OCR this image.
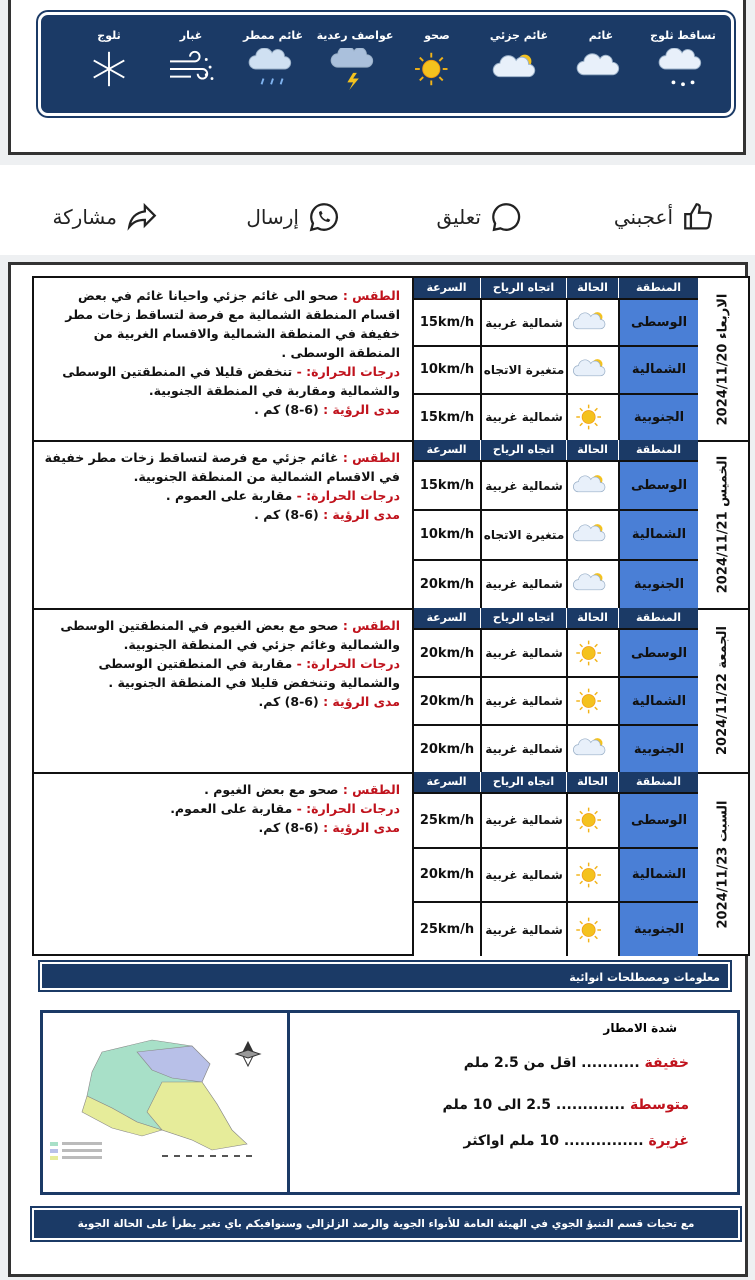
تساقط ثلوج
غائم
غائم جزئي
صحو
عواصف رعدية
غائم ممطر
غبار
ثلوج
أعجبني
تعليق
إرسال
مشاركة
الاربعاء 2024/11/20
المنطقة
الحالة
اتجاه الرياح
السرعة
الوسطى
شمالية غربية
15km/h
الشمالية
متغيرة الاتجاه
10km/h
الجنوبية
شمالية غربية
15km/h
الطقس : صحو الى غائم جزئي واحيانا غائم في بعض اقسام المنطقة الشمالية مع فرصة لتساقط زخات مطر خفيفة في المنطقة الشمالية والاقسام الغربية من المنطقة الوسطى .
درجات الحرارة: - تنخفض قليلا في المنطقتين الوسطى والشمالية ومقاربة في المنطقة الجنوبية.
مدى الرؤية : (6-8) كم .
الخميس 2024/11/21
المنطقة
الحالة
اتجاه الرياح
السرعة
الوسطى
شمالية غربية
15km/h
الشمالية
متغيرة الاتجاه
10km/h
الجنوبية
شمالية غربية
20km/h
الطقس : غائم جزئي مع فرصة لتساقط زخات مطر خفيفة في الاقسام الشمالية من المنطقة الجنوبية.
درجات الحرارة: - مقاربة على العموم .
مدى الرؤية : (6-8) كم .
الجمعة 2024/11/22
المنطقة
الحالة
اتجاه الرياح
السرعة
الوسطى
شمالية غربية
20km/h
الشمالية
شمالية غربية
20km/h
الجنوبية
شمالية غربية
20km/h
الطقس : صحو مع بعض الغيوم في المنطقتين الوسطى والشمالية وغائم جزئي في المنطقة الجنوبية.
درجات الحرارة: - مقاربة في المنطقتين الوسطى والشمالية وتنخفض قليلا في المنطقة الجنوبية .
مدى الرؤية : (6-8) كم.
السبت 2024/11/23
المنطقة
الحالة
اتجاه الرياح
السرعة
الوسطى
شمالية غربية
25km/h
الشمالية
شمالية غربية
20km/h
الجنوبية
شمالية غربية
25km/h
الطقس : صحو مع بعض الغيوم .
درجات الحرارة: - مقاربة على العموم.
مدى الرؤية : (6-8) كم.
معلومات ومصطلحات انوائية
شدة الامطار
خفيفة ........... اقل من 2.5 ملم
متوسطة ............. 2.5 الى 10 ملم
غزيرة ............... 10 ملم اواكثر
مع تحيات قسم التنبؤ الجوي في الهيئة العامة للأنواء الجوية والرصد الزلزالي وسنوافيكم باي تغير يطرأ على الحالة الجوية
